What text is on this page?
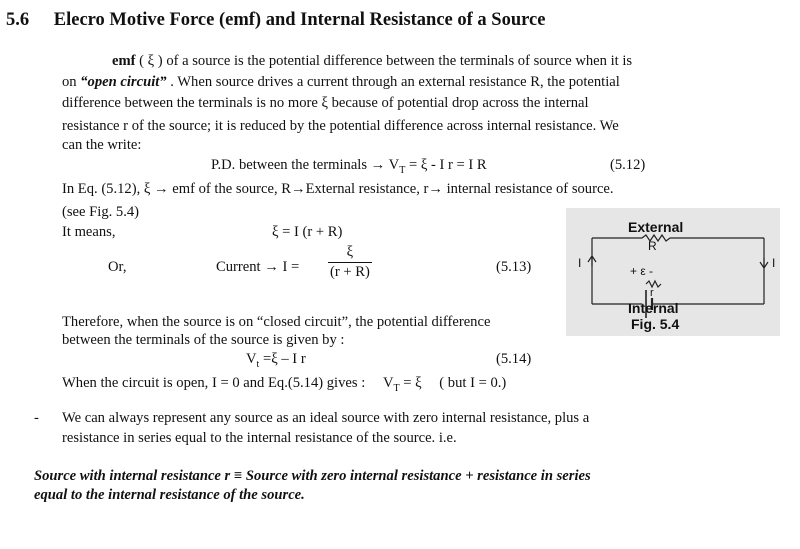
5.6 Elecro Motive Force (emf) and Internal Resistance of a Source
emf ( ξ ) of a source is the potential difference between the terminals of source when it is
on “open circuit” . When source drives a current through an external resistance R, the potential
difference between the terminals is no more ξ because of potential drop across the internal
resistance r of the source; it is reduced by the potential difference across internal resistance. We
can the write:
P.D. between the terminals → $V_T = \xi - I$ r = I R	(5.12)
In Eq. (5.12), ξ → emf of the source, R→External resistance, r→ internal resistance of source.
(see Fig. 5.4)
It means,	ξ = I (r + R)
Or,	Current → $I = \frac{\xi}{(r + R)}$	(5.13)
External
R
I	I
+ ε -
r
Internal
Fig. 5.4
Therefore, when the source is on “closed circuit”, the potential difference
between the terminals of the source is given by :
$V_t =\xi - I$ r	(5.14)
When the circuit is open, I = 0 and Eq.(5.14) gives : $V_T = \xi$ ( but I = 0.)
- We can always represent any source as an ideal source with zero internal resistance, plus a
resistance in series equal to the internal resistance of the source. i.e.
Source with internal resistance r ≡ Source with zero internal resistance + resistance in series
equal to the internal resistance of the source.
